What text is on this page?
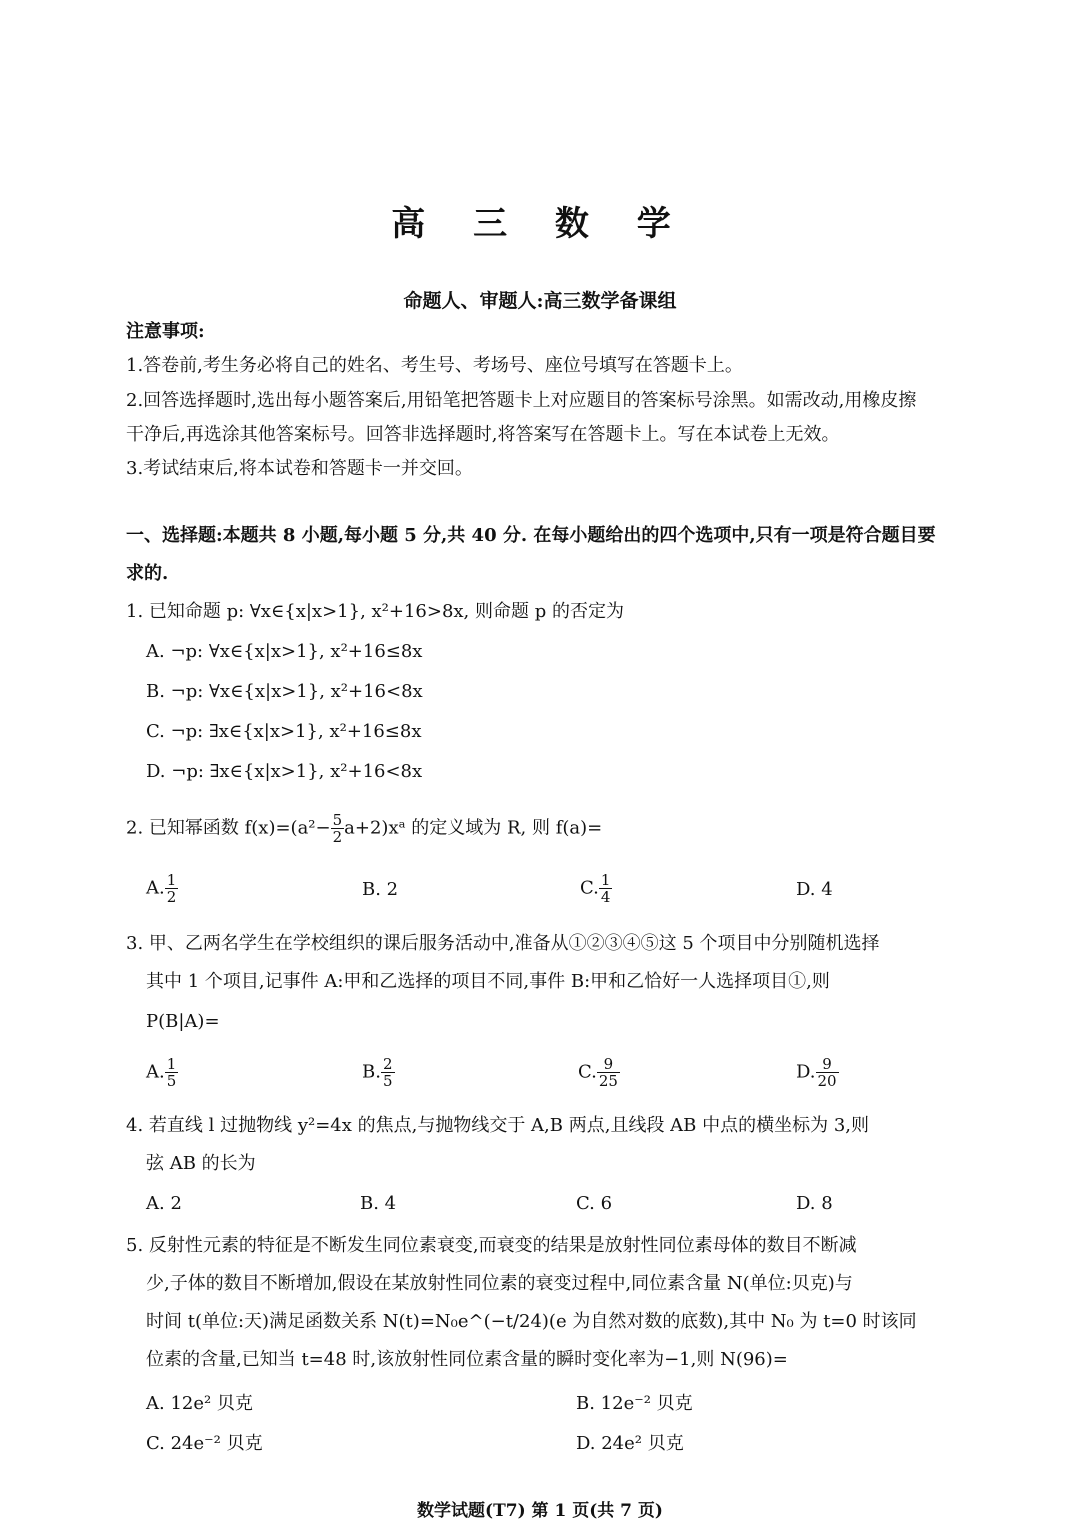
高 三 数 学
命题人、审题人:高三数学备课组
注意事项:
1.答卷前,考生务必将自己的姓名、考生号、考场号、座位号填写在答题卡上。
2.回答选择题时,选出每小题答案后,用铅笔把答题卡上对应题目的答案标号涂黑。如需改动,用橡皮擦
干净后,再选涂其他答案标号。回答非选择题时,将答案写在答题卡上。写在本试卷上无效。
3.考试结束后,将本试卷和答题卡一并交回。
一、选择题:本题共 8 小题,每小题 5 分,共 40 分. 在每小题给出的四个选项中,只有一项是符合题目要
求的.
1. 已知命题 p: ∀x∈{x|x>1}, x²+16>8x, 则命题 p 的否定为
A. ¬p: ∀x∈{x|x>1}, x²+16≤8x
B. ¬p: ∀x∈{x|x>1}, x²+16<8x
C. ¬p: ∃x∈{x|x>1}, x²+16≤8x
D. ¬p: ∃x∈{x|x>1}, x²+16<8x
2. 已知幂函数 $f(x)=(a^2- \frac{5}{2}$ a+2)xᵃ 的定义域为 R, 则 f(a)=
A. $\frac{1}{2}$	B. 2	C. $\frac{1}{4}$	D. 4
3. 甲、乙两名学生在学校组织的课后服务活动中,准备从①②③④⑤这 5 个项目中分别随机选择
其中 1 个项目,记事件 A:甲和乙选择的项目不同,事件 B:甲和乙恰好一人选择项目①,则
P(B|A)=
A. $\frac{1}{5}$	B. $\frac{2}{5}$	C. $\frac{9}{25}$	D. $\frac{9}{20}$
4. 若直线 l 过抛物线 y²=4x 的焦点,与抛物线交于 A,B 两点,且线段 AB 中点的横坐标为 3,则
弦 AB 的长为
A. 2	B. 4	C. 6	D. 8
5. 反射性元素的特征是不断发生同位素衰变,而衰变的结果是放射性同位素母体的数目不断减
少,子体的数目不断增加,假设在某放射性同位素的衰变过程中,同位素含量 N(单位:贝克)与
时间 t(单位:天)满足函数关系 N(t)=N₀e^(−t/24)(e 为自然对数的底数),其中 N₀ 为 t=0 时该同
位素的含量,已知当 t=48 时,该放射性同位素含量的瞬时变化率为−1,则 N(96)=
A. 12e² 贝克	B. 12e⁻² 贝克
C. 24e⁻² 贝克	D. 24e² 贝克
数学试题(T7) 第 1 页(共 7 页)
